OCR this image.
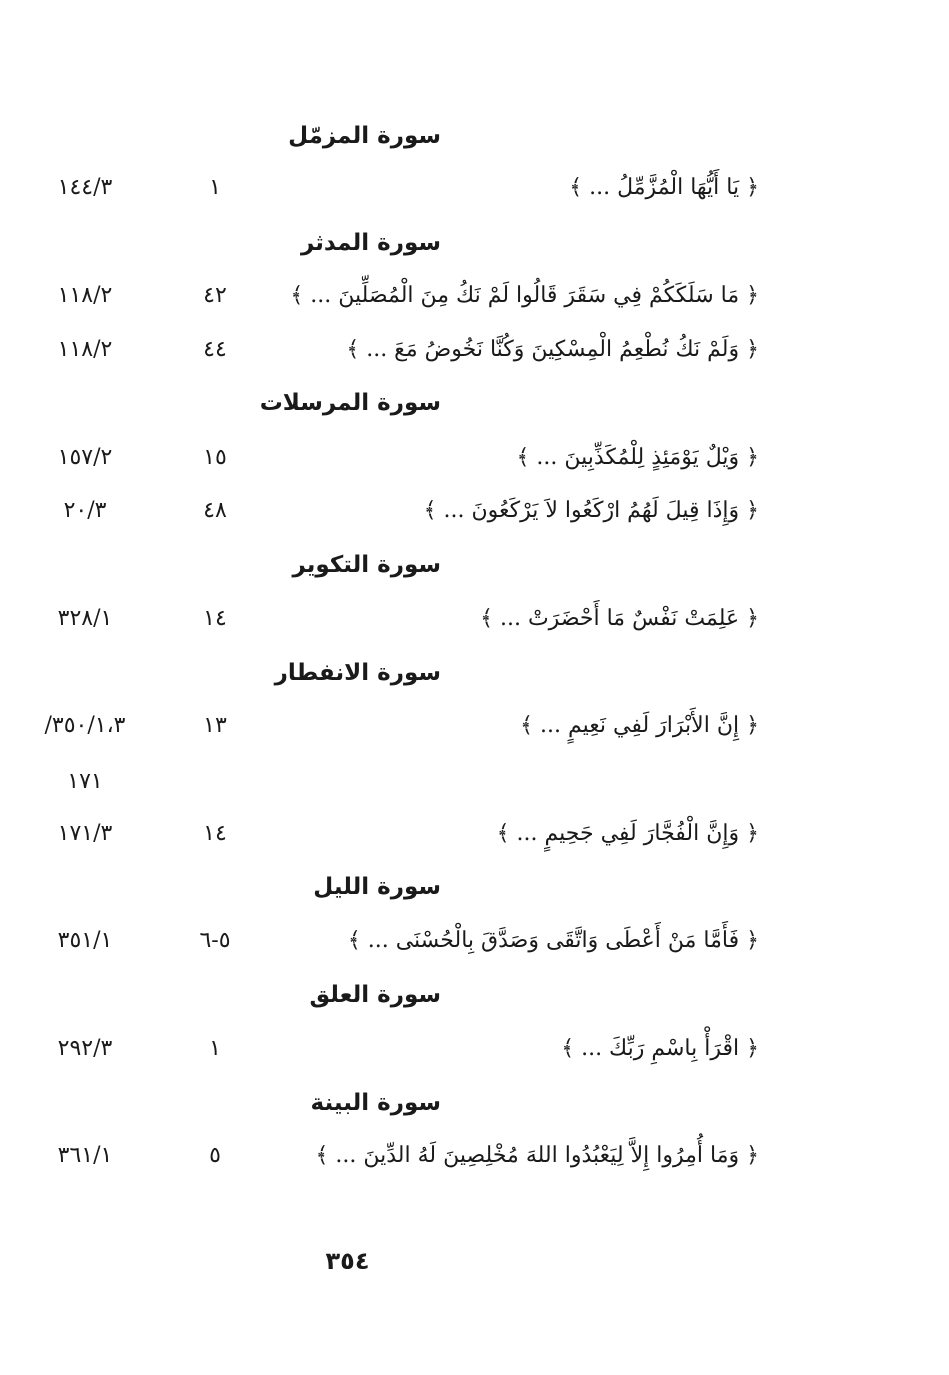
سورة المزمّل
﴿ يَا أَيُّهَا الْمُزَّمِّلُ ... ﴾
١
١٤٤/٣
سورة المدثر
﴿ مَا سَلَكَكُمْ فِي سَقَرَ قَالُوا لَمْ نَكُ مِنَ الْمُصَلِّينَ ... ﴾
٤٢
١١٨/٢
﴿ وَلَمْ نَكُ نُطْعِمُ الْمِسْكِينَ وَكُنَّا نَخُوضُ مَعَ ... ﴾
٤٤
١١٨/٢
سورة المرسلات
﴿ وَيْلٌ يَوْمَئِذٍ لِلْمُكَذِّبِينَ ... ﴾
١٥
١٥٧/٢
﴿ وَإِذَا قِيلَ لَهُمُ ارْكَعُوا لاَ يَرْكَعُونَ ... ﴾
٤٨
٢٠/٣
سورة التكوير
﴿ عَلِمَتْ نَفْسٌ مَا أَحْضَرَتْ ... ﴾
١٤
٣٢٨/١
سورة الانفطار
﴿ إِنَّ الأَبْرَارَ لَفِي نَعِيمٍ ... ﴾
١٣
٣٥٠/١،٣/
١٧١
﴿ وَإِنَّ الْفُجَّارَ لَفِي جَحِيمٍ ... ﴾
١٤
١٧١/٣
سورة الليل
﴿ فَأَمَّا مَنْ أَعْطَى وَاتَّقَى وَصَدَّقَ بِالْحُسْنَى ... ﴾
٥-٦
٣٥١/١
سورة العلق
﴿ اقْرَأْ بِاسْمِ رَبِّكَ ... ﴾
١
٢٩٢/٣
سورة البينة
﴿ وَمَا أُمِرُوا إِلاَّ لِيَعْبُدُوا اللهَ مُخْلِصِينَ لَهُ الدِّينَ ... ﴾
٥
٣٦١/١
٣٥٤
